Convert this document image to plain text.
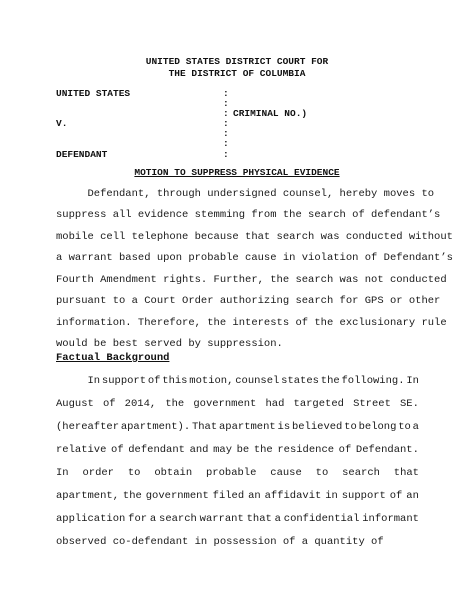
UNITED STATES DISTRICT COURT FOR
THE DISTRICT OF COLUMBIA
UNITED STATES
V.
DEFENDANT
:
:
:
:
:
:
:
CRIMINAL NO.)
MOTION TO SUPPRESS PHYSICAL EVIDENCE
Defendant, through undersigned counsel, hereby moves to
suppress all evidence stemming from the search of defendant’s
mobile cell telephone because that search was conducted without
a warrant based upon probable cause in violation of Defendant’s
Fourth Amendment rights. Further, the search was not conducted
pursuant to a Court Order authorizing search for GPS or other
information. Therefore, the interests of the exclusionary rule
Factual Background
In support of this motion, counsel states the following. In
August of 2014, the government had targeted Street SE.
(hereafter apartment). That apartment is believed to belong to a
relative of defendant and may be the residence of Defendant.
In order to obtain probable cause to search that
apartment, the government filed an affidavit in support of an
application for a search warrant that a confidential informant
observed co-defendant in possession of a quantity of
would be best served by suppression.
